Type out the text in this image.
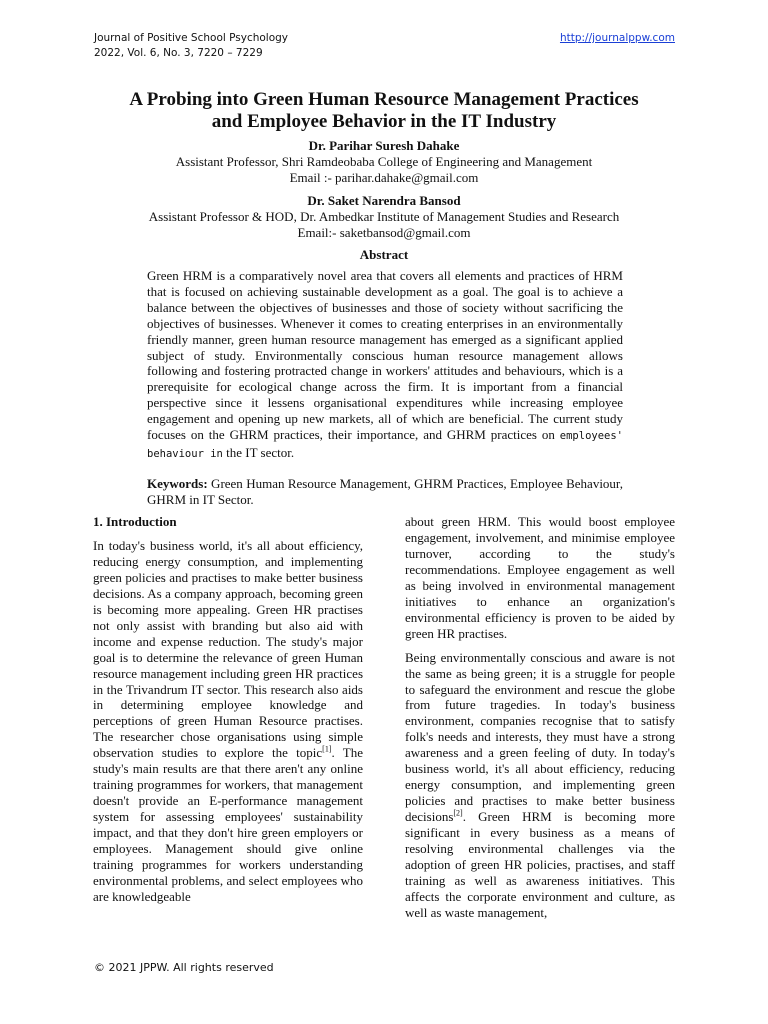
Journal of Positive School Psychology
2022, Vol. 6, No. 3, 7220 – 7229
http://journalppw.com
A Probing into Green Human Resource Management Practices
and Employee Behavior in the IT Industry
Dr. Parihar Suresh Dahake
Assistant Professor, Shri Ramdeobaba College of Engineering and Management
Email :- parihar.dahake@gmail.com
Dr. Saket Narendra Bansod
Assistant Professor & HOD, Dr. Ambedkar Institute of Management Studies and Research
Email:- saketbansod@gmail.com
Abstract
Green HRM is a comparatively novel area that covers all elements and practices of HRM that is focused on achieving sustainable development as a goal. The goal is to achieve a balance between the objectives of businesses and those of society without sacrificing the objectives of businesses. Whenever it comes to creating enterprises in an environmentally friendly manner, green human resource management has emerged as a significant applied subject of study. Environmentally conscious human resource management allows following and fostering protracted change in workers' attitudes and behaviours, which is a prerequisite for ecological change across the firm. It is important from a financial perspective since it lessens organisational expenditures while increasing employee engagement and opening up new markets, all of which are beneficial. The current study focuses on the GHRM practices, their importance, and GHRM practices on employees' behaviour in the IT sector.
Keywords: Green Human Resource Management, GHRM Practices, Employee Behaviour, GHRM in IT Sector.
1. Introduction

In today's business world, it's all about efficiency, reducing energy consumption, and implementing green policies and practises to make better business decisions. As a company approach, becoming green is becoming more appealing. Green HR practises not only assist with branding but also aid with income and expense reduction. The study's major goal is to determine the relevance of green Human resource management including green HR practices in the Trivandrum IT sector. This research also aids in determining employee knowledge and perceptions of green Human Resource practises. The researcher chose organisations using simple observation studies to explore the topic[1]. The study's main results are that there aren't any online training programmes for workers, that management doesn't provide an E-performance management system for assessing employees' sustainability impact, and that they don't hire green employers or employees. Management should give online training programmes for workers understanding environmental problems, and select employees who are knowledgeable

about green HRM. This would boost employee engagement, involvement, and minimise employee turnover, according to the study's recommendations. Employee engagement as well as being involved in environmental management initiatives to enhance an organization's environmental efficiency is proven to be aided by green HR practises.

Being environmentally conscious and aware is not the same as being green; it is a struggle for people to safeguard the environment and rescue the globe from future tragedies. In today's business environment, companies recognise that to satisfy folk's needs and interests, they must have a strong awareness and a green feeling of duty. In today's business world, it's all about efficiency, reducing energy consumption, and implementing green policies and practises to make better business decisions[2]. Green HRM is becoming more significant in every business as a means of resolving environmental challenges via the adoption of green HR policies, practises, and staff training as well as awareness initiatives. This affects the corporate environment and culture, as well as waste management,

© 2021 JPPW. All rights reserved
